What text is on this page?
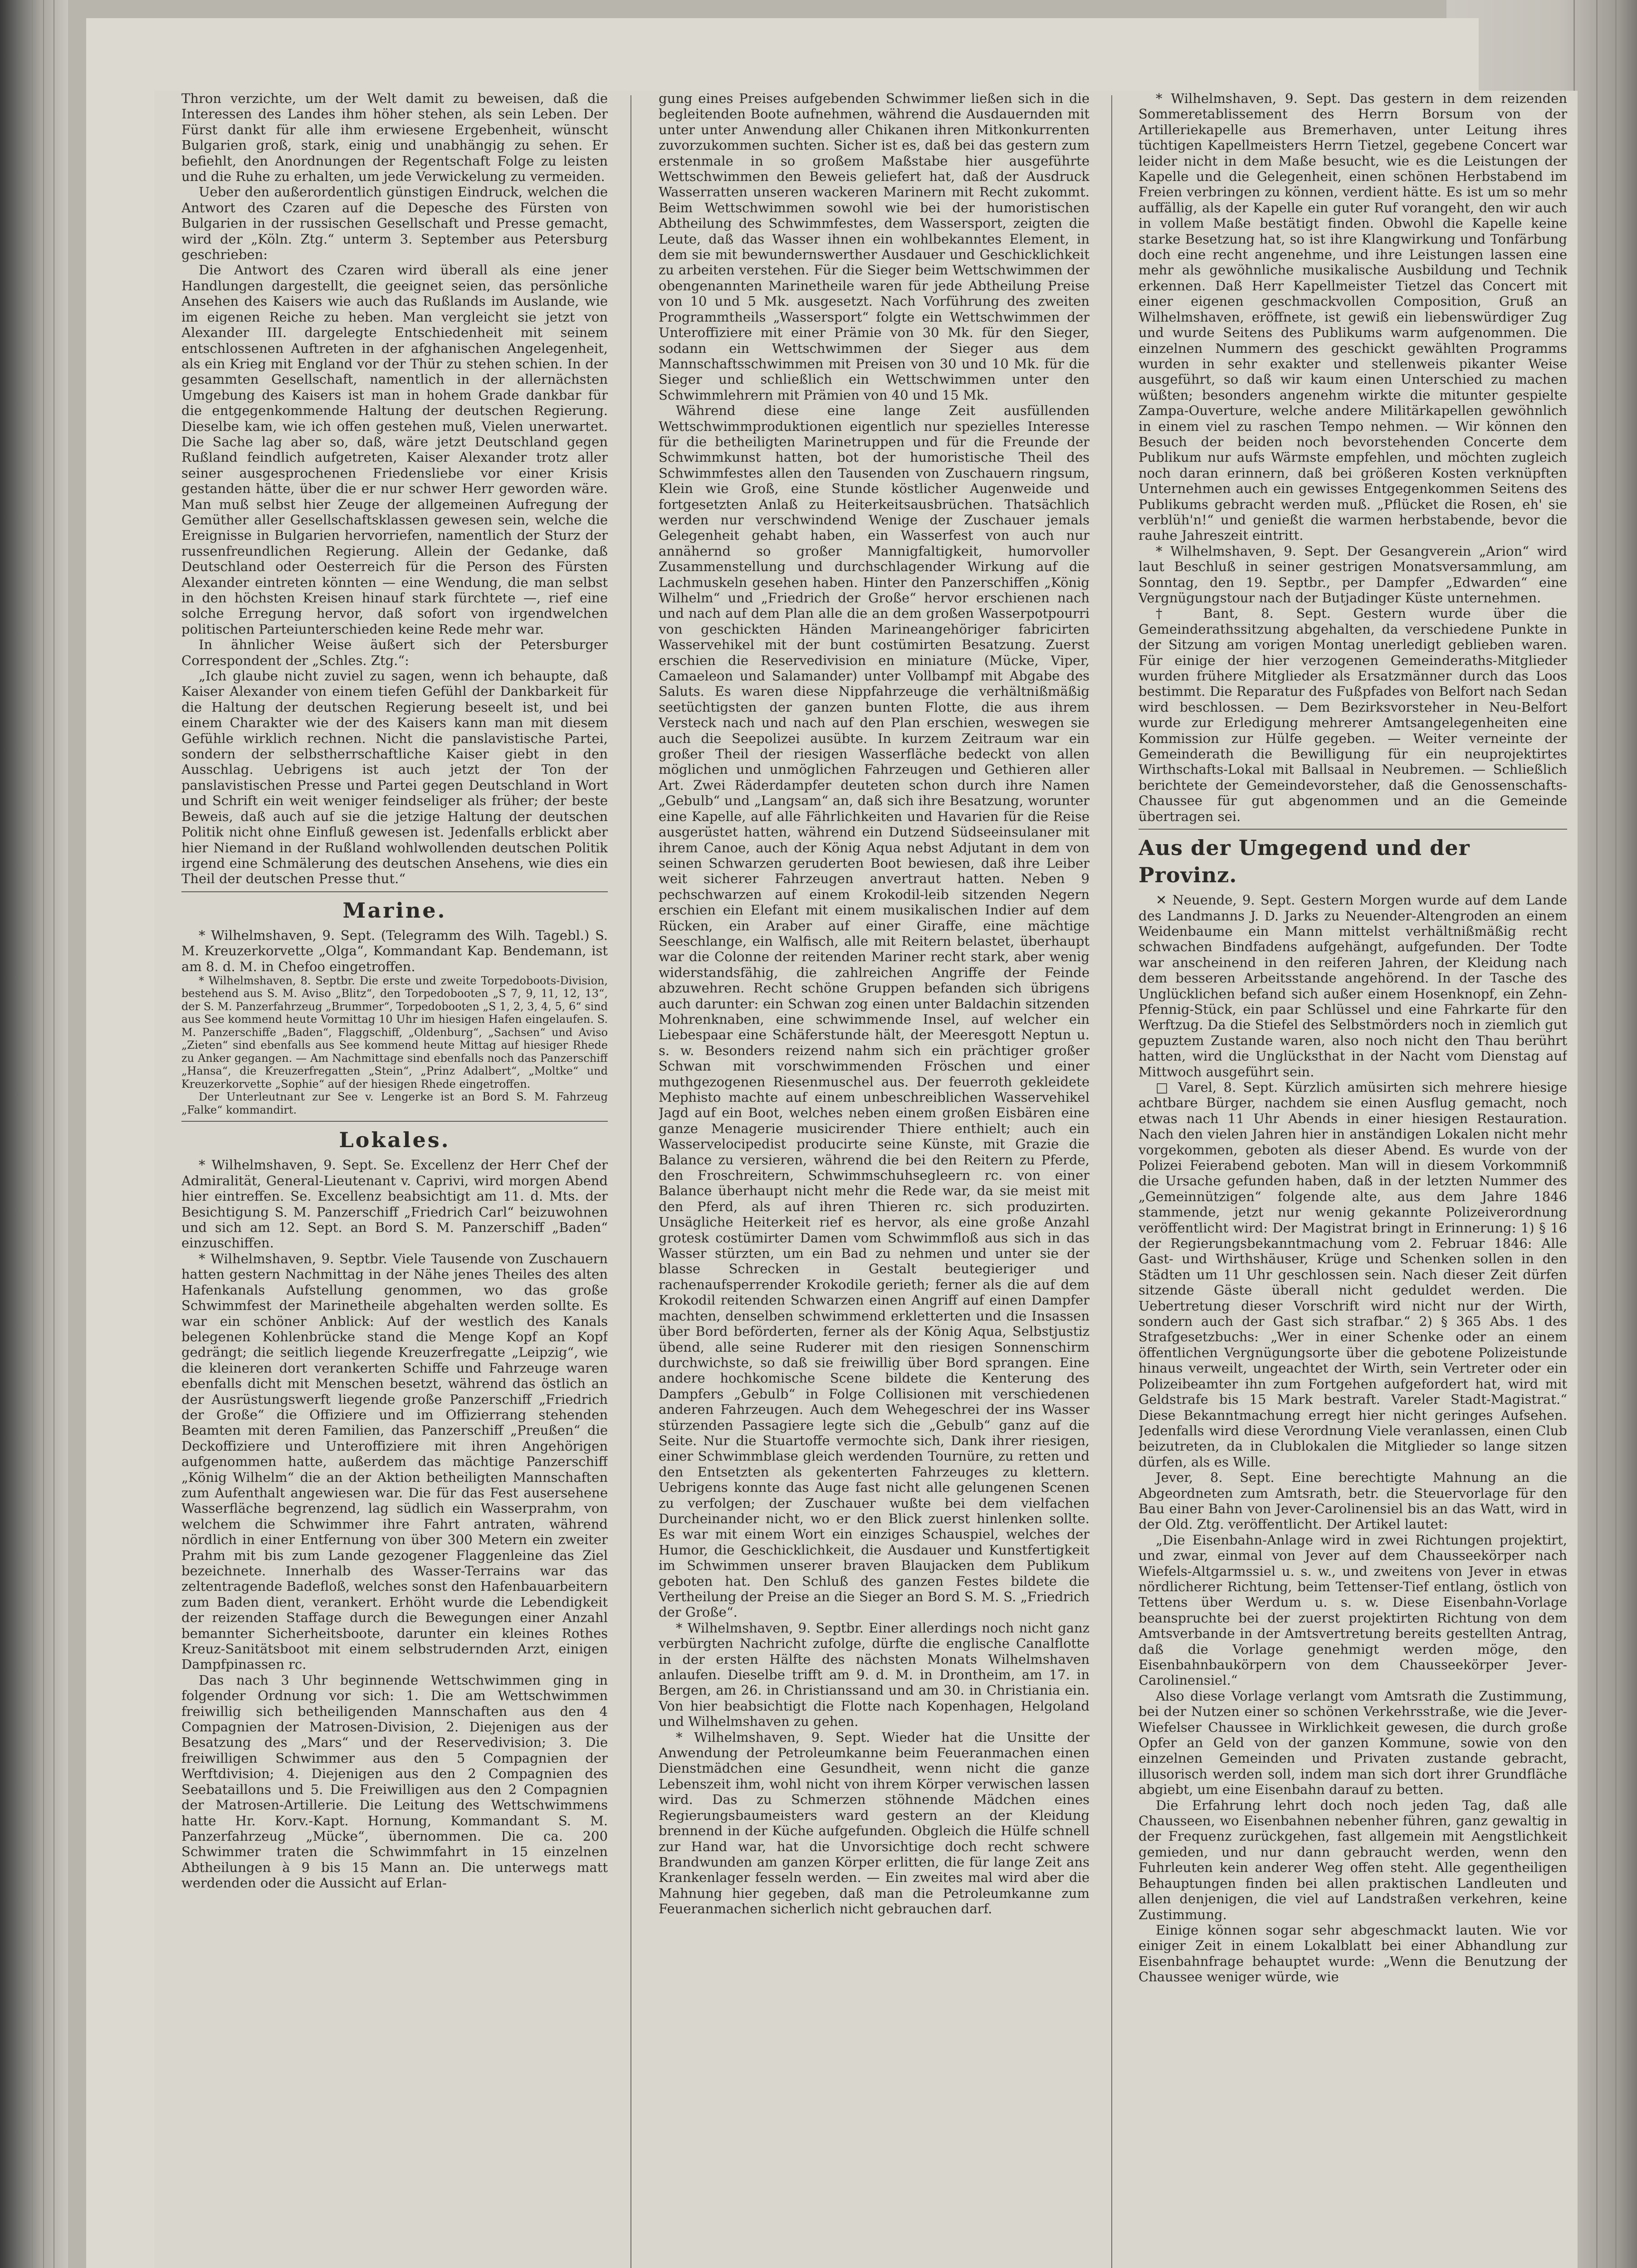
Thron verzichte, um der Welt damit zu beweisen, daß die Interessen des Landes ihm höher stehen, als sein Leben. Der Fürst dankt für alle ihm erwiesene Ergebenheit, wünscht Bulgarien groß, stark, einig und unabhängig zu sehen. Er befiehlt, den Anordnungen der Regentschaft Folge zu leisten und die Ruhe zu erhalten, um jede Verwickelung zu vermeiden.

Ueber den außerordentlich günstigen Eindruck, welchen die Antwort des Czaren auf die Depesche des Fürsten von Bulgarien in der russischen Gesellschaft und Presse gemacht, wird der „Köln. Ztg.“ unterm 3. September aus Petersburg geschrieben:

Die Antwort des Czaren wird überall als eine jener Handlungen dargestellt, die geeignet seien, das persönliche Ansehen des Kaisers wie auch das Rußlands im Auslande, wie im eigenen Reiche zu heben. Man vergleicht sie jetzt von Alexander III. dargelegte Entschiedenheit mit seinem entschlossenen Auftreten in der afghanischen Angelegenheit, als ein Krieg mit England vor der Thür zu stehen schien. In der gesammten Gesellschaft, namentlich in der allernächsten Umgebung des Kaisers ist man in hohem Grade dankbar für die entgegenkommende Haltung der deutschen Regierung. Dieselbe kam, wie ich offen gestehen muß, Vielen unerwartet. Die Sache lag aber so, daß, wäre jetzt Deutschland gegen Rußland feindlich aufgetreten, Kaiser Alexander trotz aller seiner ausgesprochenen Friedensliebe vor einer Krisis gestanden hätte, über die er nur schwer Herr geworden wäre. Man muß selbst hier Zeuge der allgemeinen Aufregung der Gemüther aller Gesellschaftsklassen gewesen sein, welche die Ereignisse in Bulgarien hervorriefen, namentlich der Sturz der russenfreundlichen Regierung. Allein der Gedanke, daß Deutschland oder Oesterreich für die Person des Fürsten Alexander eintreten könnten — eine Wendung, die man selbst in den höchsten Kreisen hinauf stark fürchtete —, rief eine solche Erregung hervor, daß sofort von irgendwelchen politischen Parteiunterschieden keine Rede mehr war.

In ähnlicher Weise äußert sich der Petersburger Correspondent der „Schles. Ztg.“:

„Ich glaube nicht zuviel zu sagen, wenn ich behaupte, daß Kaiser Alexander von einem tiefen Gefühl der Dankbarkeit für die Haltung der deutschen Regierung beseelt ist, und bei einem Charakter wie der des Kaisers kann man mit diesem Gefühle wirklich rechnen. Nicht die panslavistische Partei, sondern der selbstherrschaftliche Kaiser giebt in den Ausschlag. Uebrigens ist auch jetzt der Ton der panslavistischen Presse und Partei gegen Deutschland in Wort und Schrift ein weit weniger feindseliger als früher; der beste Beweis, daß auch auf sie die jetzige Haltung der deutschen Politik nicht ohne Einfluß gewesen ist. Jedenfalls erblickt aber hier Niemand in der Rußland wohlwollenden deutschen Politik irgend eine Schmälerung des deutschen Ansehens, wie dies ein Theil der deutschen Presse thut.“

Marine.

* Wilhelmshaven, 9. Sept. (Telegramm des Wilh. Tagebl.) S. M. Kreuzerkorvette „Olga“, Kommandant Kap. Bendemann, ist am 8. d. M. in Chefoo eingetroffen.

* Wilhelmshaven, 8. Septbr. Die erste und zweite Torpedoboots-Division, bestehend aus S. M. Aviso „Blitz“, den Torpedobooten „S 7, 9, 11, 12, 13“, der S. M. Panzerfahrzeug „Brummer“, Torpedobooten „S 1, 2, 3, 4, 5, 6“ sind aus See kommend heute Vormittag 10 Uhr im hiesigen Hafen eingelaufen. S. M. Panzerschiffe „Baden“, Flaggschiff, „Oldenburg“, „Sachsen“ und Aviso „Zieten“ sind ebenfalls aus See kommend heute Mittag auf hiesiger Rhede zu Anker gegangen. — Am Nachmittage sind ebenfalls noch das Panzerschiff „Hansa“, die Kreuzerfregatten „Stein“, „Prinz Adalbert“, „Moltke“ und Kreuzerkorvette „Sophie“ auf der hiesigen Rhede eingetroffen.

Der Unterleutnant zur See v. Lengerke ist an Bord S. M. Fahrzeug „Falke“ kommandirt.

Lokales.

* Wilhelmshaven, 9. Sept. Se. Excellenz der Herr Chef der Admiralität, General-Lieutenant v. Caprivi, wird morgen Abend hier eintreffen. Se. Excellenz beabsichtigt am 11. d. Mts. der Besichtigung S. M. Panzerschiff „Friedrich Carl“ beizuwohnen und sich am 12. Sept. an Bord S. M. Panzerschiff „Baden“ einzuschiffen.

* Wilhelmshaven, 9. Septbr. Viele Tausende von Zuschauern hatten gestern Nachmittag in der Nähe jenes Theiles des alten Hafenkanals Aufstellung genommen, wo das große Schwimmfest der Marinetheile abgehalten werden sollte. Es war ein schöner Anblick: Auf der westlich des Kanals belegenen Kohlenbrücke stand die Menge Kopf an Kopf gedrängt; die seitlich liegende Kreuzerfregatte „Leipzig“, wie die kleineren dort verankerten Schiffe und Fahrzeuge waren ebenfalls dicht mit Menschen besetzt, während das östlich an der Ausrüstungswerft liegende große Panzerschiff „Friedrich der Große“ die Offiziere und im Offizierrang stehenden Beamten mit deren Familien, das Panzerschiff „Preußen“ die Deckoffiziere und Unteroffiziere mit ihren Angehörigen aufgenommen hatte, außerdem das mächtige Panzerschiff „König Wilhelm“ die an der Aktion betheiligten Mannschaften zum Aufenthalt angewiesen war. Die für das Fest ausersehene Wasserfläche begrenzend, lag südlich ein Wasserprahm, von welchem die Schwimmer ihre Fahrt antraten, während nördlich in einer Entfernung von über 300 Metern ein zweiter Prahm mit bis zum Lande gezogener Flaggenleine das Ziel bezeichnete. Innerhalb des Wasser-Terrains war das zeltentragende Badefloß, welches sonst den Hafenbauarbeitern zum Baden dient, verankert. Erhöht wurde die Lebendigkeit der reizenden Staffage durch die Bewegungen einer Anzahl bemannter Sicherheitsboote, darunter ein kleines Rothes Kreuz-Sanitätsboot mit einem selbstrudernden Arzt, einigen Dampfpinassen rc.

Das nach 3 Uhr beginnende Wettschwimmen ging in folgender Ordnung vor sich: 1. Die am Wettschwimmen freiwillig sich betheiligenden Mannschaften aus den 4 Compagnien der Matrosen-Division, 2. Diejenigen aus der Besatzung des „Mars“ und der Reservedivision; 3. Die freiwilligen Schwimmer aus den 5 Compagnien der Werftdivision; 4. Diejenigen aus den 2 Compagnien des Seebataillons und 5. Die Freiwilligen aus den 2 Compagnien der Matrosen-Artillerie. Die Leitung des Wettschwimmens hatte Hr. Korv.-Kapt. Hornung, Kommandant S. M. Panzerfahrzeug „Mücke“, übernommen. Die ca. 200 Schwimmer traten die Schwimmfahrt in 15 einzelnen Abtheilungen à 9 bis 15 Mann an. Die unterwegs matt werdenden oder die Aussicht auf Erlan-

gung eines Preises aufgebenden Schwimmer ließen sich in die begleitenden Boote aufnehmen, während die Ausdauernden mit unter unter Anwendung aller Chikanen ihren Mitkonkurrenten zuvorzukommen suchten. Sicher ist es, daß bei das gestern zum erstenmale in so großem Maßstabe hier ausgeführte Wettschwimmen den Beweis geliefert hat, daß der Ausdruck Wasserratten unseren wackeren Marinern mit Recht zukommt. Beim Wettschwimmen sowohl wie bei der humoristischen Abtheilung des Schwimmfestes, dem Wassersport, zeigten die Leute, daß das Wasser ihnen ein wohlbekanntes Element, in dem sie mit bewundernswerther Ausdauer und Geschicklichkeit zu arbeiten verstehen. Für die Sieger beim Wettschwimmen der obengenannten Marinetheile waren für jede Abtheilung Preise von 10 und 5 Mk. ausgesetzt. Nach Vorführung des zweiten Programmtheils „Wassersport“ folgte ein Wettschwimmen der Unteroffiziere mit einer Prämie von 30 Mk. für den Sieger, sodann ein Wettschwimmen der Sieger aus dem Mannschaftsschwimmen mit Preisen von 30 und 10 Mk. für die Sieger und schließlich ein Wettschwimmen unter den Schwimmlehrern mit Prämien von 40 und 15 Mk.

Während diese eine lange Zeit ausfüllenden Wettschwimmproduktionen eigentlich nur spezielles Interesse für die betheiligten Marinetruppen und für die Freunde der Schwimmkunst hatten, bot der humoristische Theil des Schwimmfestes allen den Tausenden von Zuschauern ringsum, Klein wie Groß, eine Stunde köstlicher Augenweide und fortgesetzten Anlaß zu Heiterkeitsausbrüchen. Thatsächlich werden nur verschwindend Wenige der Zuschauer jemals Gelegenheit gehabt haben, ein Wasserfest von auch nur annähernd so großer Mannigfaltigkeit, humorvoller Zusammenstellung und durchschlagender Wirkung auf die Lachmuskeln gesehen haben. Hinter den Panzerschiffen „König Wilhelm“ und „Friedrich der Große“ hervor erschienen nach und nach auf dem Plan alle die an dem großen Wasserpotpourri von geschickten Händen Marineangehöriger fabricirten Wasservehikel mit der bunt costümirten Besatzung. Zuerst erschien die Reservedivision en miniature (Mücke, Viper, Camaeleon und Salamander) unter Vollbampf mit Abgabe des Saluts. Es waren diese Nippfahrzeuge die verhältnißmäßig seetüchtigsten der ganzen bunten Flotte, die aus ihrem Versteck nach und nach auf den Plan erschien, weswegen sie auch die Seepolizei ausübte. In kurzem Zeitraum war ein großer Theil der riesigen Wasserfläche bedeckt von allen möglichen und unmöglichen Fahrzeugen und Gethieren aller Art. Zwei Räderdampfer deuteten schon durch ihre Namen „Gebulb“ und „Langsam“ an, daß sich ihre Besatzung, worunter eine Kapelle, auf alle Fährlichkeiten und Havarien für die Reise ausgerüstet hatten, während ein Dutzend Südseeinsulaner mit ihrem Canoe, auch der König Aqua nebst Adjutant in dem von seinen Schwarzen geruderten Boot bewiesen, daß ihre Leiber weit sicherer Fahrzeugen anvertraut hatten. Neben 9 pechschwarzen auf einem Krokodil-leib sitzenden Negern erschien ein Elefant mit einem musikalischen Indier auf dem Rücken, ein Araber auf einer Giraffe, eine mächtige Seeschlange, ein Walfisch, alle mit Reitern belastet, überhaupt war die Colonne der reitenden Mariner recht stark, aber wenig widerstandsfähig, die zahlreichen Angriffe der Feinde abzuwehren. Recht schöne Gruppen befanden sich übrigens auch darunter: ein Schwan zog einen unter Baldachin sitzenden Mohrenknaben, eine schwimmende Insel, auf welcher ein Liebespaar eine Schäferstunde hält, der Meeresgott Neptun u. s. w. Besonders reizend nahm sich ein prächtiger großer Schwan mit vorschwimmenden Fröschen und einer muthgezogenen Riesenmuschel aus. Der feuerroth gekleidete Mephisto machte auf einem unbeschreiblichen Wasservehikel Jagd auf ein Boot, welches neben einem großen Eisbären eine ganze Menagerie musicirender Thiere enthielt; auch ein Wasservelocipedist producirte seine Künste, mit Grazie die Balance zu versieren, während die bei den Reitern zu Pferde, den Froschreitern, Schwimmschuhsegleern rc. von einer Balance überhaupt nicht mehr die Rede war, da sie meist mit den Pferd, als auf ihren Thieren rc. sich produzirten. Unsägliche Heiterkeit rief es hervor, als eine große Anzahl grotesk costümirter Damen vom Schwimmfloß aus sich in das Wasser stürzten, um ein Bad zu nehmen und unter sie der blasse Schrecken in Gestalt beutegieriger und rachenaufsperrender Krokodile gerieth; ferner als die auf dem Krokodil reitenden Schwarzen einen Angriff auf einen Dampfer machten, denselben schwimmend erkletterten und die Insassen über Bord beförderten, ferner als der König Aqua, Selbstjustiz übend, alle seine Ruderer mit den riesigen Sonnenschirm durchwichste, so daß sie freiwillig über Bord sprangen. Eine andere hochkomische Scene bildete die Kenterung des Dampfers „Gebulb“ in Folge Collisionen mit verschiedenen anderen Fahrzeugen. Auch dem Wehegeschrei der ins Wasser stürzenden Passagiere legte sich die „Gebulb“ ganz auf die Seite. Nur die Stuartoffe vermochte sich, Dank ihrer riesigen, einer Schwimmblase gleich werdenden Tournüre, zu retten und den Entsetzten als gekenterten Fahrzeuges zu klettern. Uebrigens konnte das Auge fast nicht alle gelungenen Scenen zu verfolgen; der Zuschauer wußte bei dem vielfachen Durcheinander nicht, wo er den Blick zuerst hinlenken sollte. Es war mit einem Wort ein einziges Schauspiel, welches der Humor, die Geschicklichkeit, die Ausdauer und Kunstfertigkeit im Schwimmen unserer braven Blaujacken dem Publikum geboten hat. Den Schluß des ganzen Festes bildete die Vertheilung der Preise an die Sieger an Bord S. M. S. „Friedrich der Große“.

* Wilhelmshaven, 9. Septbr. Einer allerdings noch nicht ganz verbürgten Nachricht zufolge, dürfte die englische Canalflotte in der ersten Hälfte des nächsten Monats Wilhelmshaven anlaufen. Dieselbe trifft am 9. d. M. in Drontheim, am 17. in Bergen, am 26. in Christianssand und am 30. in Christiania ein. Von hier beabsichtigt die Flotte nach Kopenhagen, Helgoland und Wilhelmshaven zu gehen.

* Wilhelmshaven, 9. Sept. Wieder hat die Unsitte der Anwendung der Petroleumkanne beim Feueranmachen einen Dienstmädchen eine Gesundheit, wenn nicht die ganze Lebenszeit ihm, wohl nicht von ihrem Körper verwischen lassen wird. Das zu Schmerzen stöhnende Mädchen eines Regierungsbaumeisters ward gestern an der Kleidung brennend in der Küche aufgefunden. Obgleich die Hülfe schnell zur Hand war, hat die Unvorsichtige doch recht schwere Brandwunden am ganzen Körper erlitten, die für lange Zeit ans Krankenlager fesseln werden. — Ein zweites mal wird aber die Mahnung hier gegeben, daß man die Petroleumkanne zum Feueranmachen sicherlich nicht gebrauchen darf.

* Wilhelmshaven, 9. Sept. Das gestern in dem reizenden Sommeretablissement des Herrn Borsum von der Artilleriekapelle aus Bremerhaven, unter Leitung ihres tüchtigen Kapellmeisters Herrn Tietzel, gegebene Concert war leider nicht in dem Maße besucht, wie es die Leistungen der Kapelle und die Gelegenheit, einen schönen Herbstabend im Freien verbringen zu können, verdient hätte. Es ist um so mehr auffällig, als der Kapelle ein guter Ruf vorangeht, den wir auch in vollem Maße bestätigt finden. Obwohl die Kapelle keine starke Besetzung hat, so ist ihre Klangwirkung und Tonfärbung doch eine recht angenehme, und ihre Leistungen lassen eine mehr als gewöhnliche musikalische Ausbildung und Technik erkennen. Daß Herr Kapellmeister Tietzel das Concert mit einer eigenen geschmackvollen Composition, Gruß an Wilhelmshaven, eröffnete, ist gewiß ein liebenswürdiger Zug und wurde Seitens des Publikums warm aufgenommen. Die einzelnen Nummern des geschickt gewählten Programms wurden in sehr exakter und stellenweis pikanter Weise ausgeführt, so daß wir kaum einen Unterschied zu machen wüßten; besonders angenehm wirkte die mitunter gespielte Zampa-Ouverture, welche andere Militärkapellen gewöhnlich in einem viel zu raschen Tempo nehmen. — Wir können den Besuch der beiden noch bevorstehenden Concerte dem Publikum nur aufs Wärmste empfehlen, und möchten zugleich noch daran erinnern, daß bei größeren Kosten verknüpften Unternehmen auch ein gewisses Entgegenkommen Seitens des Publikums gebracht werden muß. „Pflücket die Rosen, eh' sie verblüh'n!“ und genießt die warmen herbstabende, bevor die rauhe Jahreszeit eintritt.

* Wilhelmshaven, 9. Sept. Der Gesangverein „Arion“ wird laut Beschluß in seiner gestrigen Monatsversammlung, am Sonntag, den 19. Septbr., per Dampfer „Edwarden“ eine Vergnügungstour nach der Butjadinger Küste unternehmen.

† Bant, 8. Sept. Gestern wurde über die Gemeinderathssitzung abgehalten, da verschiedene Punkte in der Sitzung am vorigen Montag unerledigt geblieben waren. Für einige der hier verzogenen Gemeinderaths-Mitglieder wurden frühere Mitglieder als Ersatzmänner durch das Loos bestimmt. Die Reparatur des Fußpfades von Belfort nach Sedan wird beschlossen. — Dem Bezirksvorsteher in Neu-Belfort wurde zur Erledigung mehrerer Amtsangelegenheiten eine Kommission zur Hülfe gegeben. — Weiter verneinte der Gemeinderath die Bewilligung für ein neuprojektirtes Wirthschafts-Lokal mit Ballsaal in Neubremen. — Schließlich berichtete der Gemeindevorsteher, daß die Genossenschafts-Chaussee für gut abgenommen und an die Gemeinde übertragen sei.

Aus der Umgegend und der Provinz.

✕ Neuende, 9. Sept. Gestern Morgen wurde auf dem Lande des Landmanns J. D. Jarks zu Neuender-Altengroden an einem Weidenbaume ein Mann mittelst verhältnißmäßig recht schwachen Bindfadens aufgehängt, aufgefunden. Der Todte war anscheinend in den reiferen Jahren, der Kleidung nach dem besseren Arbeitsstande angehörend. In der Tasche des Unglücklichen befand sich außer einem Hosenknopf, ein Zehn-Pfennig-Stück, ein paar Schlüssel und eine Fahrkarte für den Werftzug. Da die Stiefel des Selbstmörders noch in ziemlich gut gepuztem Zustande waren, also noch nicht den Thau berührt hatten, wird die Unglücksthat in der Nacht vom Dienstag auf Mittwoch ausgeführt sein.

□ Varel, 8. Sept. Kürzlich amüsirten sich mehrere hiesige achtbare Bürger, nachdem sie einen Ausflug gemacht, noch etwas nach 11 Uhr Abends in einer hiesigen Restauration. Nach den vielen Jahren hier in anständigen Lokalen nicht mehr vorgekommen, geboten als dieser Abend. Es wurde von der Polizei Feierabend geboten. Man will in diesem Vorkommniß die Ursache gefunden haben, daß in der letzten Nummer des „Gemeinnützigen“ folgende alte, aus dem Jahre 1846 stammende, jetzt nur wenig gekannte Polizeiverordnung veröffentlicht wird: Der Magistrat bringt in Erinnerung: 1) § 16 der Regierungsbekanntmachung vom 2. Februar 1846: Alle Gast- und Wirthshäuser, Krüge und Schenken sollen in den Städten um 11 Uhr geschlossen sein. Nach dieser Zeit dürfen sitzende Gäste überall nicht geduldet werden. Die Uebertretung dieser Vorschrift wird nicht nur der Wirth, sondern auch der Gast sich strafbar.“ 2) § 365 Abs. 1 des Strafgesetzbuchs: „Wer in einer Schenke oder an einem öffentlichen Vergnügungsorte über die gebotene Polizeistunde hinaus verweilt, ungeachtet der Wirth, sein Vertreter oder ein Polizeibeamter ihn zum Fortgehen aufgefordert hat, wird mit Geldstrafe bis 15 Mark bestraft. Vareler Stadt-Magistrat.“ Diese Bekanntmachung erregt hier nicht geringes Aufsehen. Jedenfalls wird diese Verordnung Viele veranlassen, einen Club beizutreten, da in Clublokalen die Mitglieder so lange sitzen dürfen, als es Wille.

Jever, 8. Sept. Eine berechtigte Mahnung an die Abgeordneten zum Amtsrath, betr. die Steuervorlage für den Bau einer Bahn von Jever-Carolinensiel bis an das Watt, wird in der Old. Ztg. veröffentlicht. Der Artikel lautet:

„Die Eisenbahn-Anlage wird in zwei Richtungen projektirt, und zwar, einmal von Jever auf dem Chausseekörper nach Wiefels-Altgarmssiel u. s. w., und zweitens von Jever in etwas nördlicherer Richtung, beim Tettenser-Tief entlang, östlich von Tettens über Werdum u. s. w. Diese Eisenbahn-Vorlage beanspruchte bei der zuerst projektirten Richtung von dem Amtsverbande in der Amtsvertretung bereits gestellten Antrag, daß die Vorlage genehmigt werden möge, den Eisenbahnbaukörpern von dem Chausseekörper Jever-Carolinensiel.“

Also diese Vorlage verlangt vom Amtsrath die Zustimmung, bei der Nutzen einer so schönen Verkehrsstraße, wie die Jever-Wiefelser Chaussee in Wirklichkeit gewesen, die durch große Opfer an Geld von der ganzen Kommune, sowie von den einzelnen Gemeinden und Privaten zustande gebracht, illusorisch werden soll, indem man sich dort ihrer Grundfläche abgiebt, um eine Eisenbahn darauf zu betten.

Die Erfahrung lehrt doch noch jeden Tag, daß alle Chausseen, wo Eisenbahnen nebenher führen, ganz gewaltig in der Frequenz zurückgehen, fast allgemein mit Aengstlichkeit gemieden, und nur dann gebraucht werden, wenn den Fuhrleuten kein anderer Weg offen steht. Alle gegentheiligen Behauptungen finden bei allen praktischen Landleuten und allen denjenigen, die viel auf Landstraßen verkehren, keine Zustimmung.

Einige können sogar sehr abgeschmackt lauten. Wie vor einiger Zeit in einem Lokalblatt bei einer Abhandlung zur Eisenbahnfrage behauptet wurde: „Wenn die Benutzung der Chaussee weniger würde, wie
